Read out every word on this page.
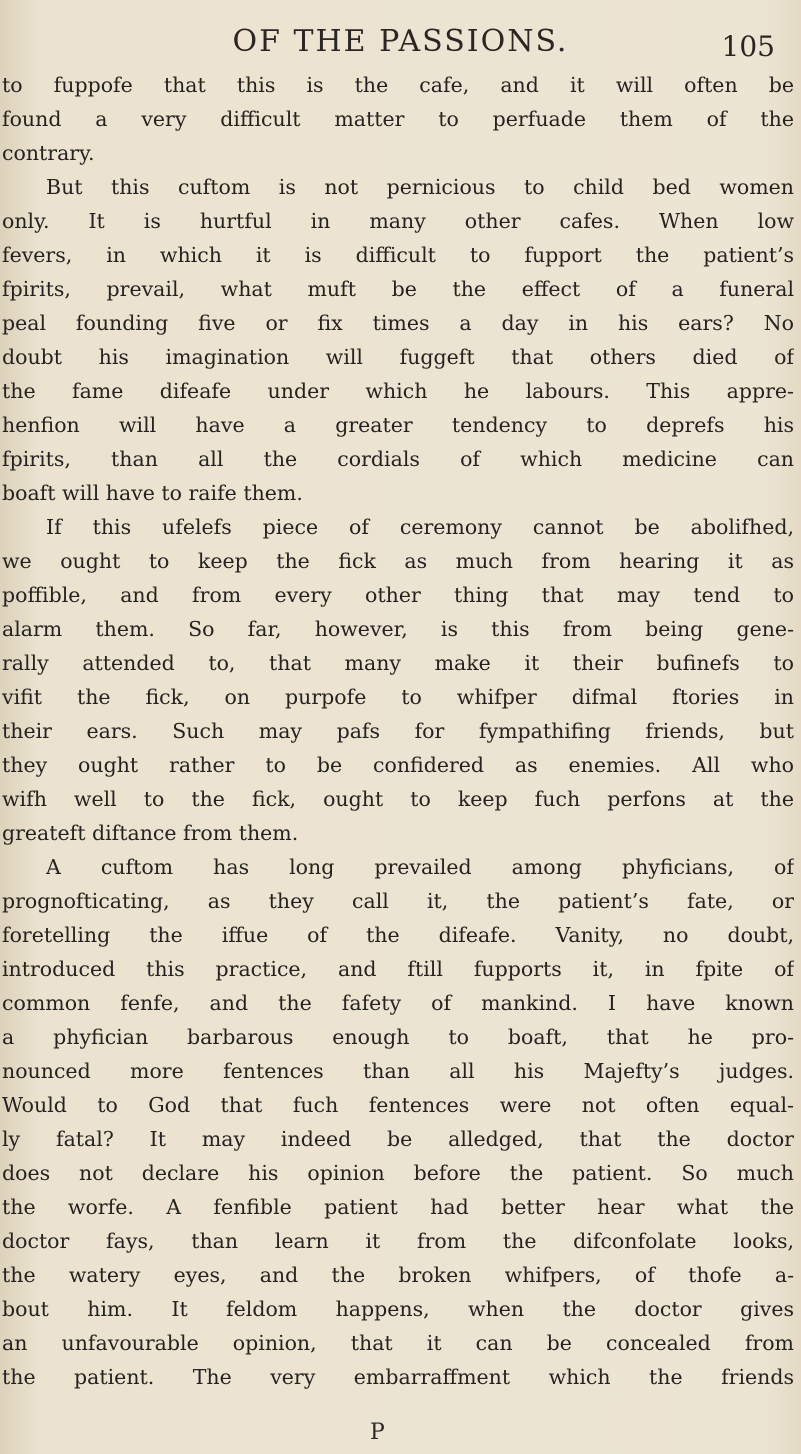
OF THE PASSIONS.	105
to fuppofe that this is the cafe, and it will often be
found a very difficult matter to perfuade them of the
contrary.
But this cuftom is not pernicious to child bed women
only. It is hurtful in many other cafes. When low
fevers, in which it is difficult to fupport the patient’s
fpirits, prevail, what muft be the effect of a funeral
peal founding five or fix times a day in his ears? No
doubt his imagination will fuggeft that others died of
the fame difeafe under which he labours. This appre-
henfion will have a greater tendency to deprefs his
fpirits, than all the cordials of which medicine can
boaft will have to raife them.
If this ufelefs piece of ceremony cannot be abolifhed,
we ought to keep the fick as much from hearing it as
poffible, and from every other thing that may tend to
alarm them. So far, however, is this from being gene-
rally attended to, that many make it their bufinefs to
vifit the fick, on purpofe to whifper difmal ftories in
their ears. Such may pafs for fympathifing friends, but
they ought rather to be confidered as enemies. All who
wifh well to the fick, ought to keep fuch perfons at the
greateft diftance from them.
A cuftom has long prevailed among phyficians, of
prognofticating, as they call it, the patient’s fate, or
foretelling the iffue of the difeafe. Vanity, no doubt,
introduced this practice, and ftill fupports it, in fpite of
common fenfe, and the fafety of mankind. I have known
a phyfician barbarous enough to boaft, that he pro-
nounced more fentences than all his Majefty’s judges.
Would to God that fuch fentences were not often equal-
ly fatal? It may indeed be alledged, that the doctor
does not declare his opinion before the patient. So much
the worfe. A fenfible patient had better hear what the
doctor fays, than learn it from the difconfolate looks,
the watery eyes, and the broken whifpers, of thofe a-
bout him. It feldom happens, when the doctor gives
an unfavourable opinion, that it can be concealed from
the patient. The very embarraffment which the friends
P
